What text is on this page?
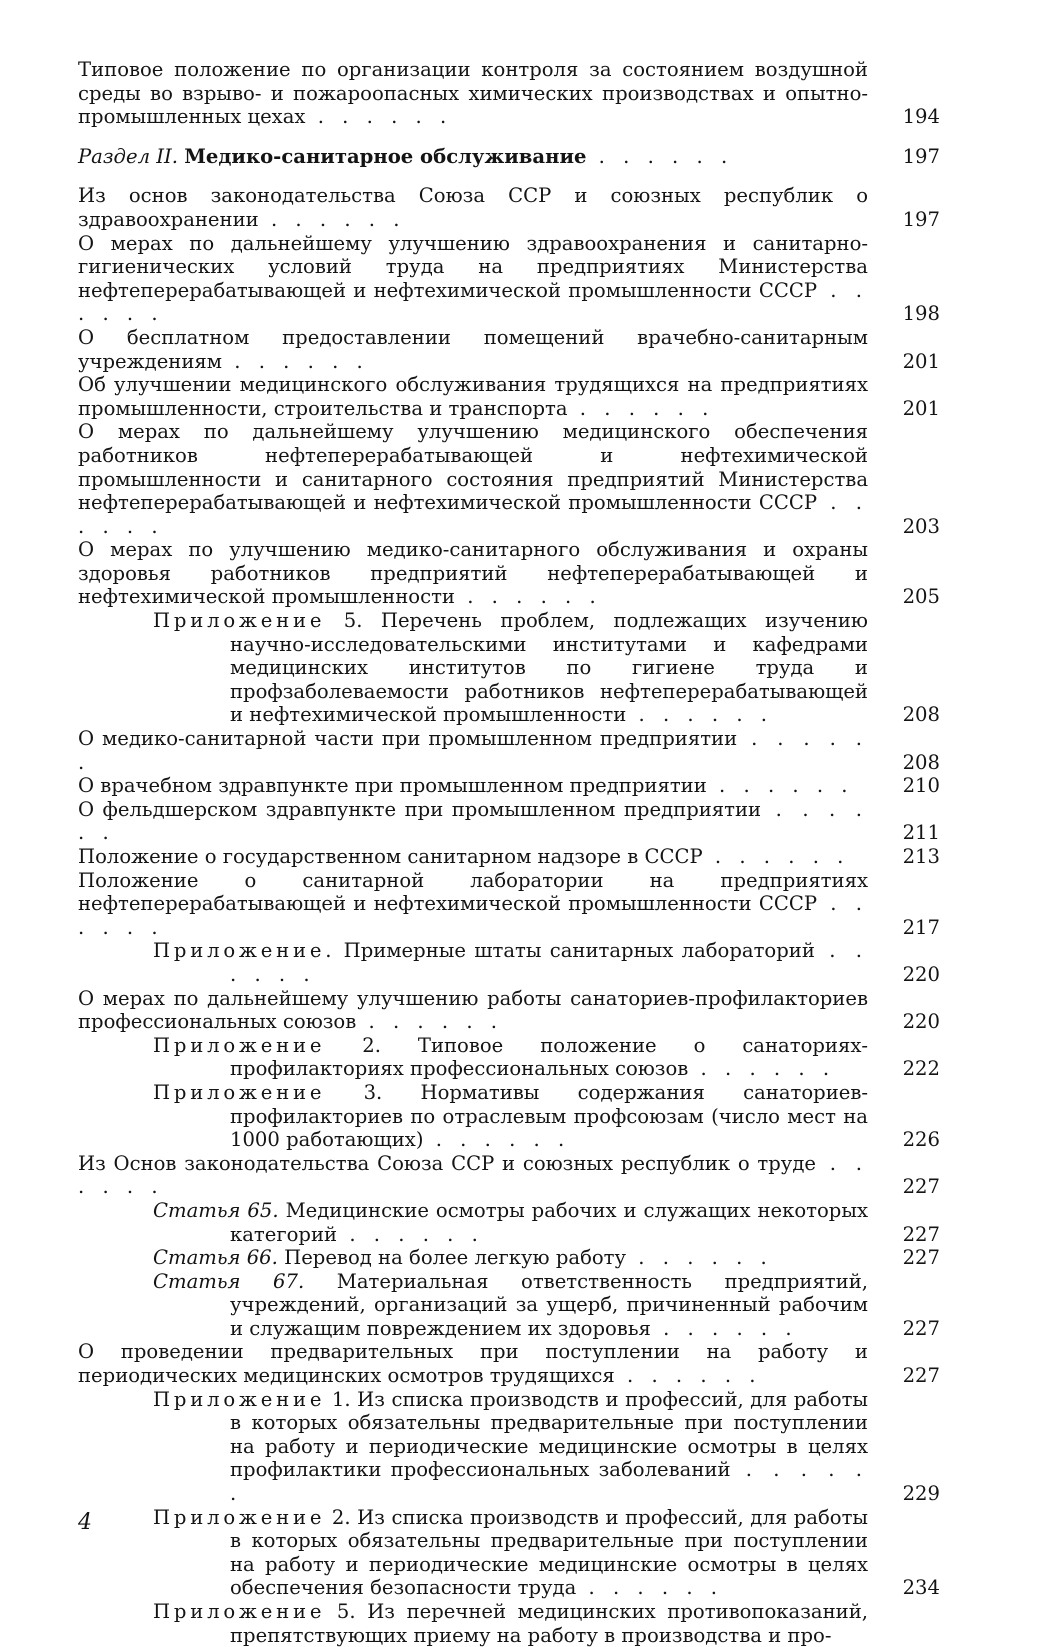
Типовое положение по организации контроля за состоянием воздушной среды во взрыво- и пожароопасных химических производствах и опытно-промышленных цехах . . . . . .	194
Раздел II. Медико-санитарное обслуживание . . . . . .	197
Из основ законодательства Союза ССР и союзных республик о здравоохранении . . . . . .	197
О мерах по дальнейшему улучшению здравоохранения и санитарно-гигиенических условий труда на предприятиях Министерства нефтеперерабатывающей и нефтехимической промышленности СССР . . . . . .	198
О бесплатном предоставлении помещений врачебно-санитарным учреждениям . . . . . .	201
Об улучшении медицинского обслуживания трудящихся на предприятиях промышленности, строительства и транспорта . . . . . .	201
О мерах по дальнейшему улучшению медицинского обеспечения работников нефтеперерабатывающей и нефтехимической промышленности и санитарного состояния предприятий Министерства нефтеперерабатывающей и нефтехимической промышленности СССР . . . . . .	203
О мерах по улучшению медико-санитарного обслуживания и охраны здоровья работников предприятий нефтеперерабатывающей и нефтехимической промышленности . . . . . .	205
Приложение 5. Перечень проблем, подлежащих изучению научно-исследовательскими институтами и кафедрами медицинских институтов по гигиене труда и профзаболеваемости работников нефтеперерабатывающей и нефтехимической промышленности . . . . . .	208
О медико-санитарной части при промышленном предприятии . . . . . .	208
О врачебном здравпункте при промышленном предприятии . . . . . .	210
О фельдшерском здравпункте при промышленном предприятии . . . . . .	211
Положение о государственном санитарном надзоре в СССР . . . . . .	213
Положение о санитарной лаборатории на предприятиях нефтеперерабатывающей и нефтехимической промышленности СССР . . . . . .	217
Приложение. Примерные штаты санитарных лабораторий . . . . . .	220
О мерах по дальнейшему улучшению работы санаториев-профилакториев профессиональных союзов . . . . . .	220
Приложение 2. Типовое положение о санаториях-профилакториях профессиональных союзов . . . . . .	222
Приложение 3. Нормативы содержания санаториев-профилакториев по отраслевым профсоюзам (число мест на 1000 работающих) . . . . . .	226
Из Основ законодательства Союза ССР и союзных республик о труде . . . . . .	227
Статья 65. Медицинские осмотры рабочих и служащих некоторых категорий . . . . . .	227
Статья 66. Перевод на более легкую работу . . . . . .	227
Статья 67. Материальная ответственность предприятий, учреждений, организаций за ущерб, причиненный рабочим и служащим повреждением их здоровья . . . . . .	227
О проведении предварительных при поступлении на работу и периодических медицинских осмотров трудящихся . . . . . .	227
Приложение 1. Из списка производств и профессий, для работы в которых обязательны предварительные при поступлении на работу и периодические медицинские осмотры в целях профилактики профессиональных заболеваний . . . . . .	229
Приложение 2. Из списка производств и профессий, для работы в которых обязательны предварительные при поступлении на работу и периодические медицинские осмотры в целях обеспечения безопасности труда . . . . . .	234
Приложение 5. Из перечней медицинских противопоказаний, препятствующих приему на работу в производства и про-
4
